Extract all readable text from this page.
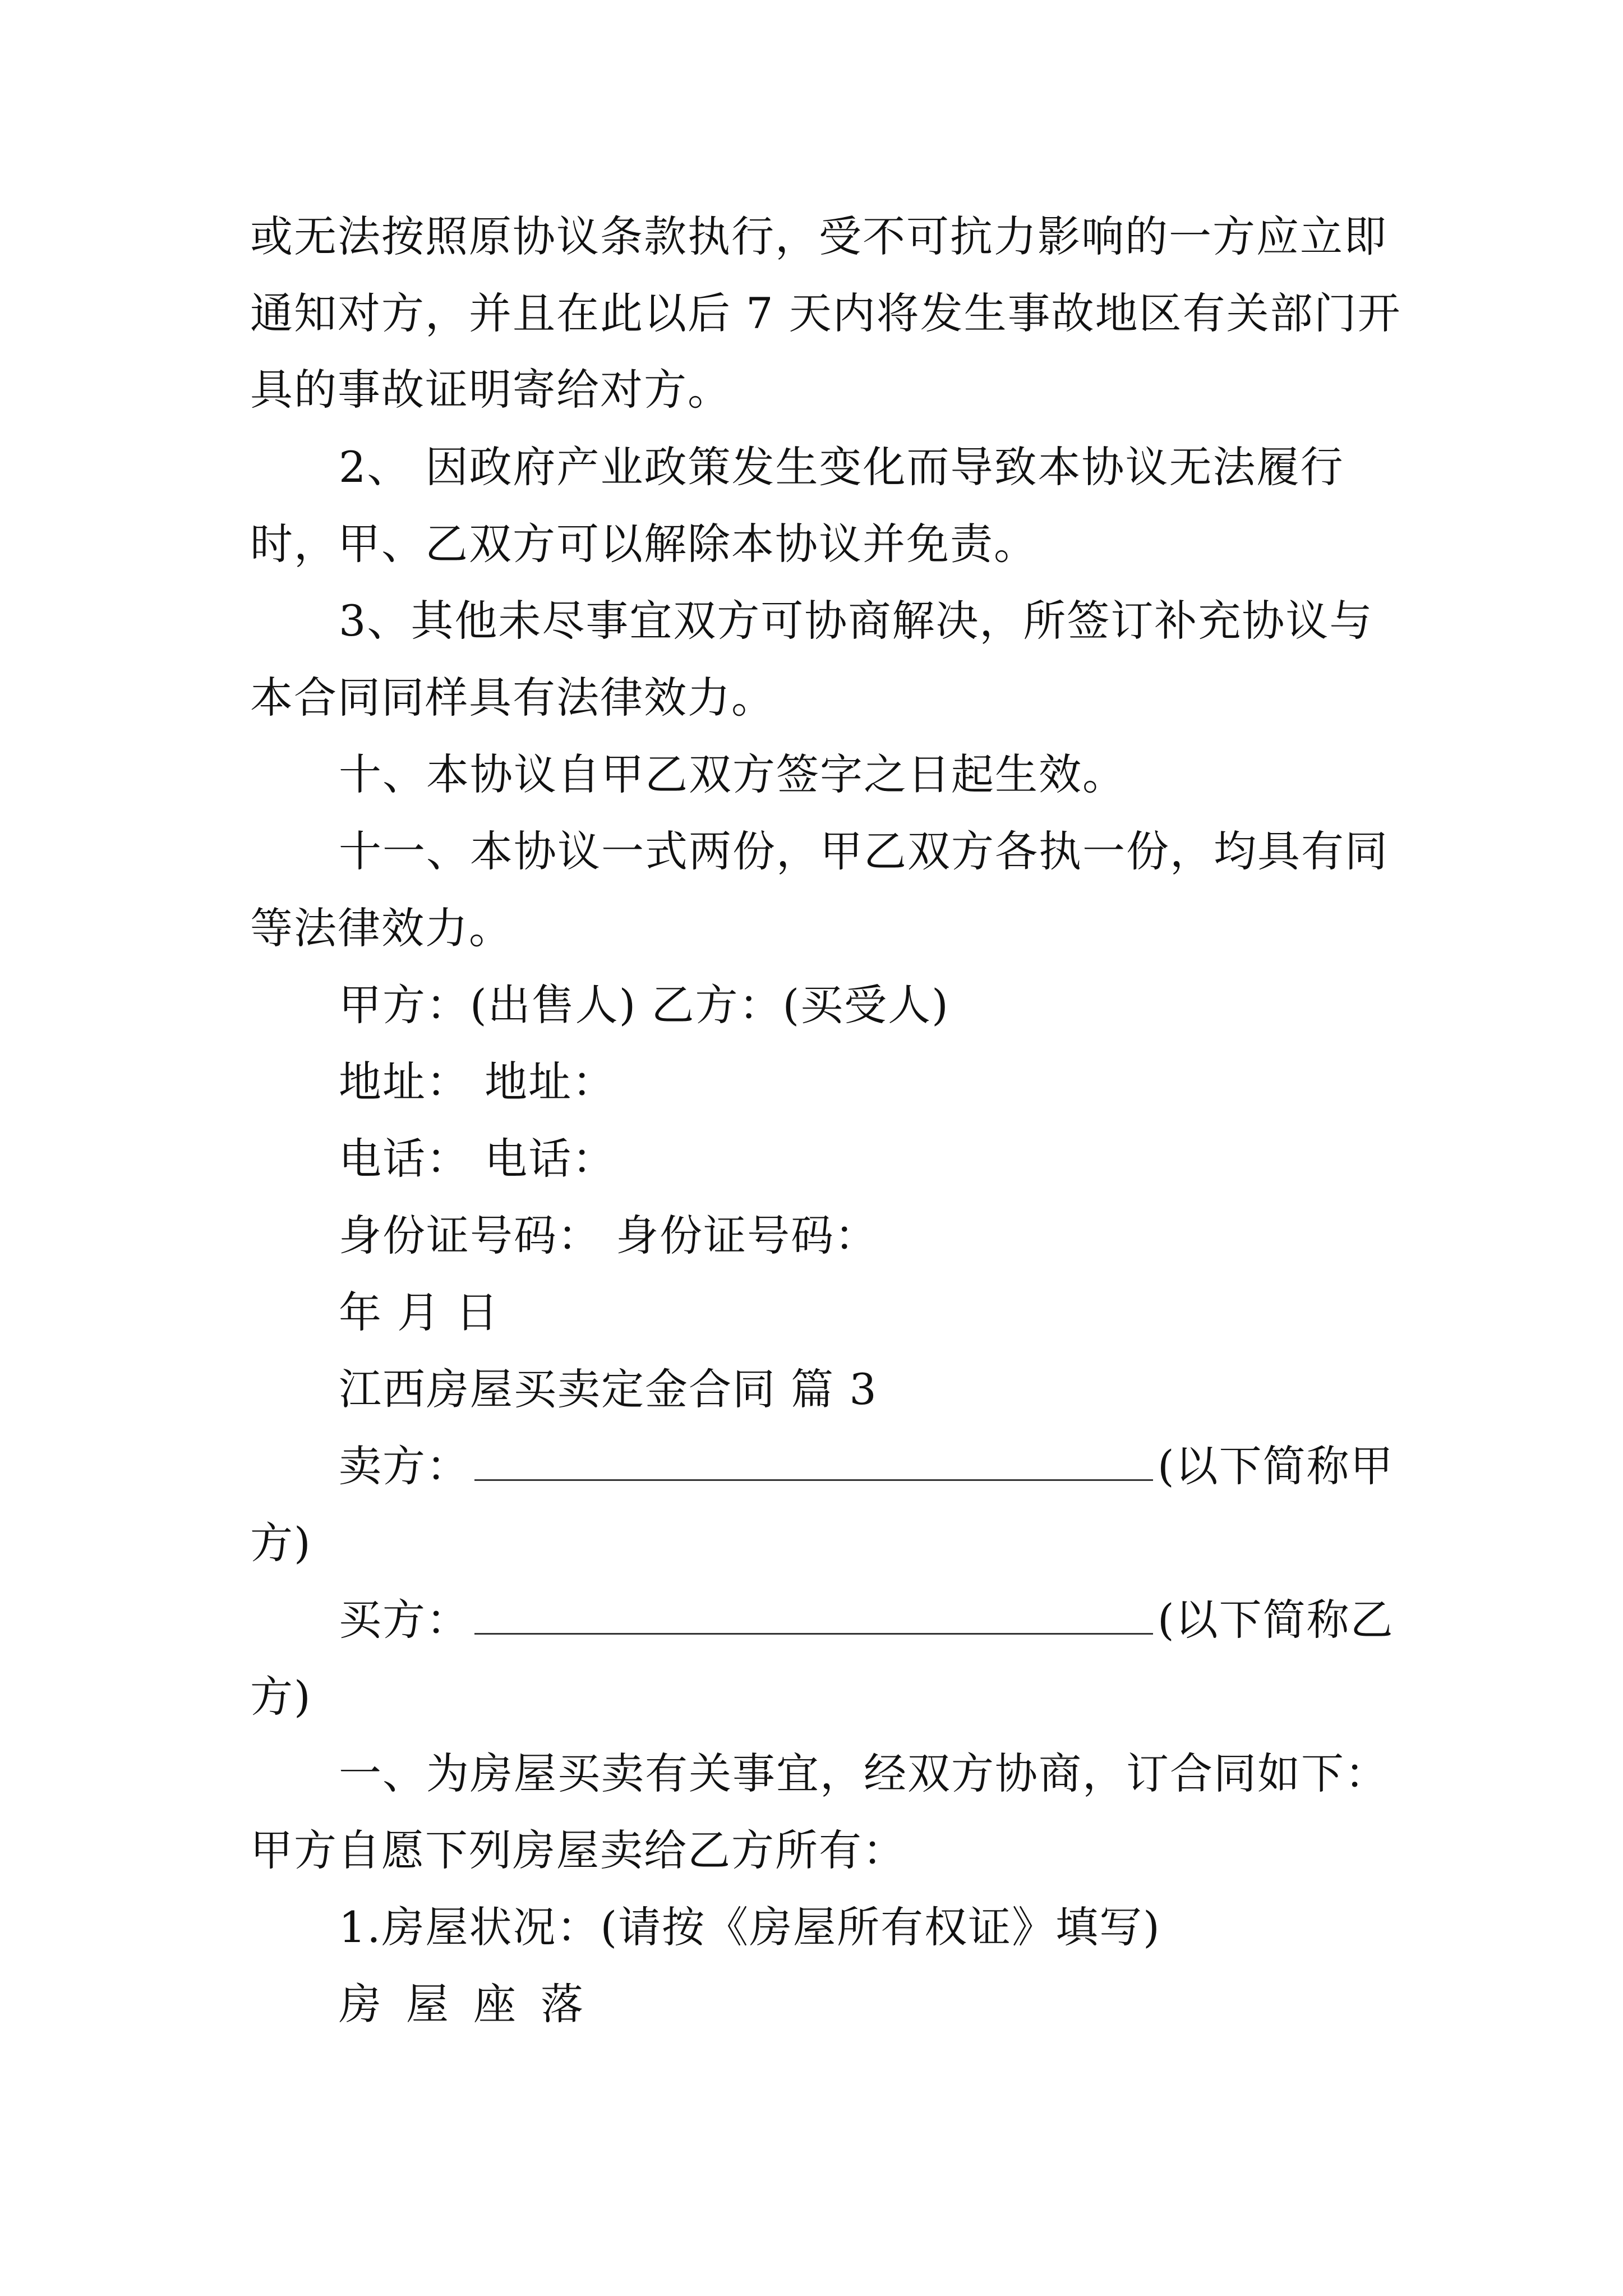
或无法按照原协议条款执行，受不可抗力影响的一方应立即
通知对方，并且在此以后 7 天内将发生事故地区有关部门开
具的事故证明寄给对方。
2、 因政府产业政策发生变化而导致本协议无法履行
时，甲、乙双方可以解除本协议并免责。
3、其他未尽事宜双方可协商解决，所签订补充协议与
本合同同样具有法律效力。
十、本协议自甲乙双方签字之日起生效。
十一、本协议一式两份，甲乙双方各执一份，均具有同
等法律效力。
甲方：(出售人) 乙方：(买受人)
地址： 地址：
电话： 电话：
身份证号码： 身份证号码：
年 月 日
江西房屋买卖定金合同 篇 3
卖方：	(以下简称甲
方)
买方：	(以下简称乙
方)
一、为房屋买卖有关事宜，经双方协商，订合同如下：
甲方自愿下列房屋卖给乙方所有：
1.房屋状况：(请按《房屋所有权证》填写)
房 屋 座 落
